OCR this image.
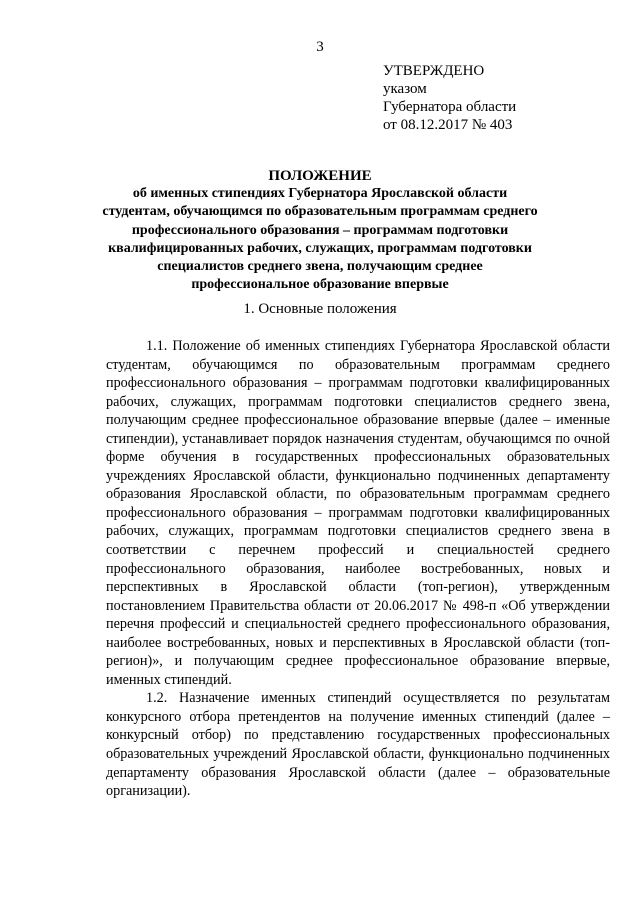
3
УТВЕРЖДЕНО
указом
Губернатора области
от 08.12.2017 № 403
ПОЛОЖЕНИЕ
об именных стипендиях Губернатора Ярославской области студентам, обучающимся по образовательным программам среднего профессионального образования – программам подготовки квалифицированных рабочих, служащих, программам подготовки специалистов среднего звена, получающим среднее профессиональное образование впервые
1. Основные положения

1.1. Положение об именных стипендиях Губернатора Ярославской области студентам, обучающимся по образовательным программам среднего профессионального образования – программам подготовки квалифицированных рабочих, служащих, программам подготовки специалистов среднего звена, получающим среднее профессиональное образование впервые (далее – именные стипендии), устанавливает порядок назначения студентам, обучающимся по очной форме обучения в государственных профессиональных образовательных учреждениях Ярославской области, функционально подчиненных департаменту образования Ярославской области, по образовательным программам среднего профессионального образования – программам подготовки квалифицированных рабочих, служащих, программам подготовки специалистов среднего звена в соответствии с перечнем профессий и специальностей среднего профессионального образования, наиболее востребованных, новых и перспективных в Ярославской области (топ-регион), утвержденным постановлением Правительства области от 20.06.2017 № 498-п «Об утверждении перечня профессий и специальностей среднего профессионального образования, наиболее востребованных, новых и перспективных в Ярославской области (топ-регион)», и получающим среднее профессиональное образование впервые, именных стипендий.

1.2. Назначение именных стипендий осуществляется по результатам конкурсного отбора претендентов на получение именных стипендий (далее – конкурсный отбор) по представлению государственных профессиональных образовательных учреждений Ярославской области, функционально подчиненных департаменту образования Ярославской области (далее – образовательные организации).
